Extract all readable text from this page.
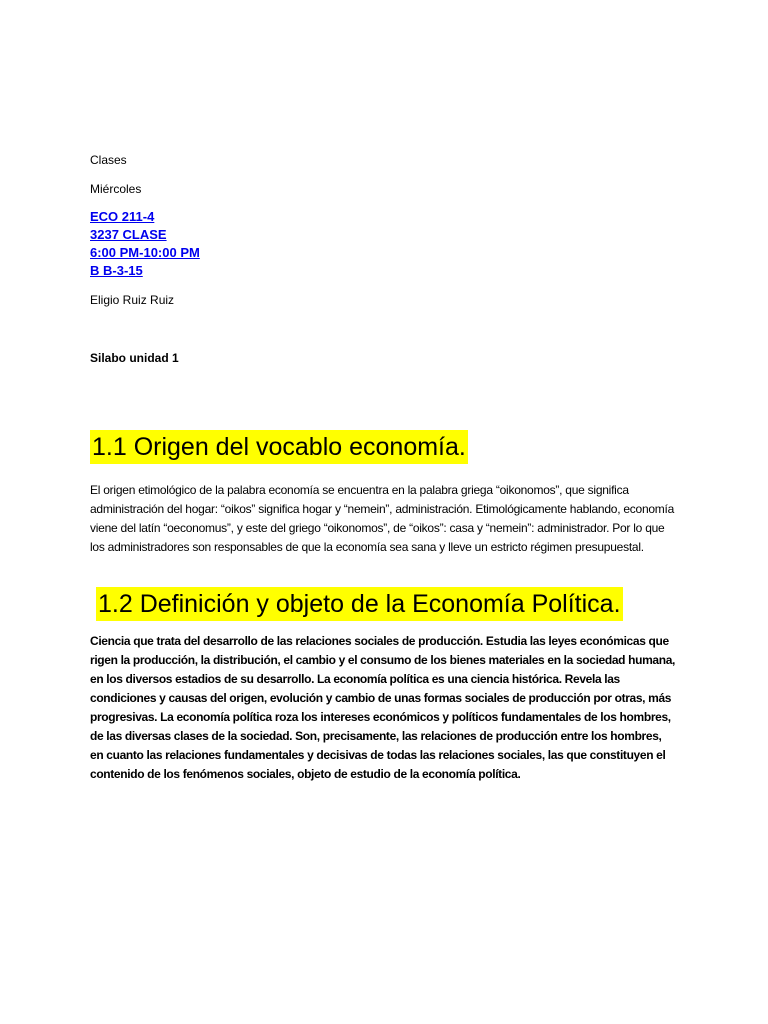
Clases
Miércoles
ECO 211-4
3237 CLASE
6:00 PM-10:00 PM
B B-3-15
Eligio Ruiz Ruiz
Silabo unidad 1
1.1 Origen del vocablo economía.
El origen etimológico de la palabra economía se encuentra en la palabra griega “oikonomos”, que significa administración del hogar: “oikos” significa hogar y “nemein”, administración. Etimológicamente hablando, economía viene del latín “oeconomus”, y este del griego “oikonomos”, de “oikos”: casa y “nemein”: administrador. Por lo que los administradores son responsables de que la economía sea sana y lleve un estricto régimen presupuestal.
1.2 Definición y objeto de la Economía Política.
Ciencia que trata del desarrollo de las relaciones sociales de producción. Estudia las leyes económicas que rigen la producción, la distribución, el cambio y el consumo de los bienes materiales en la sociedad humana, en los diversos estadios de su desarrollo. La economía política es una ciencia histórica. Revela las condiciones y causas del origen, evolución y cambio de unas formas sociales de producción por otras, más progresivas. La economía política roza los intereses económicos y políticos fundamentales de los hombres, de las diversas clases de la sociedad. Son, precisamente, las relaciones de producción entre los hombres, en cuanto las relaciones fundamentales y decisivas de todas las relaciones sociales, las que constituyen el contenido de los fenómenos sociales, objeto de estudio de la economía política.
